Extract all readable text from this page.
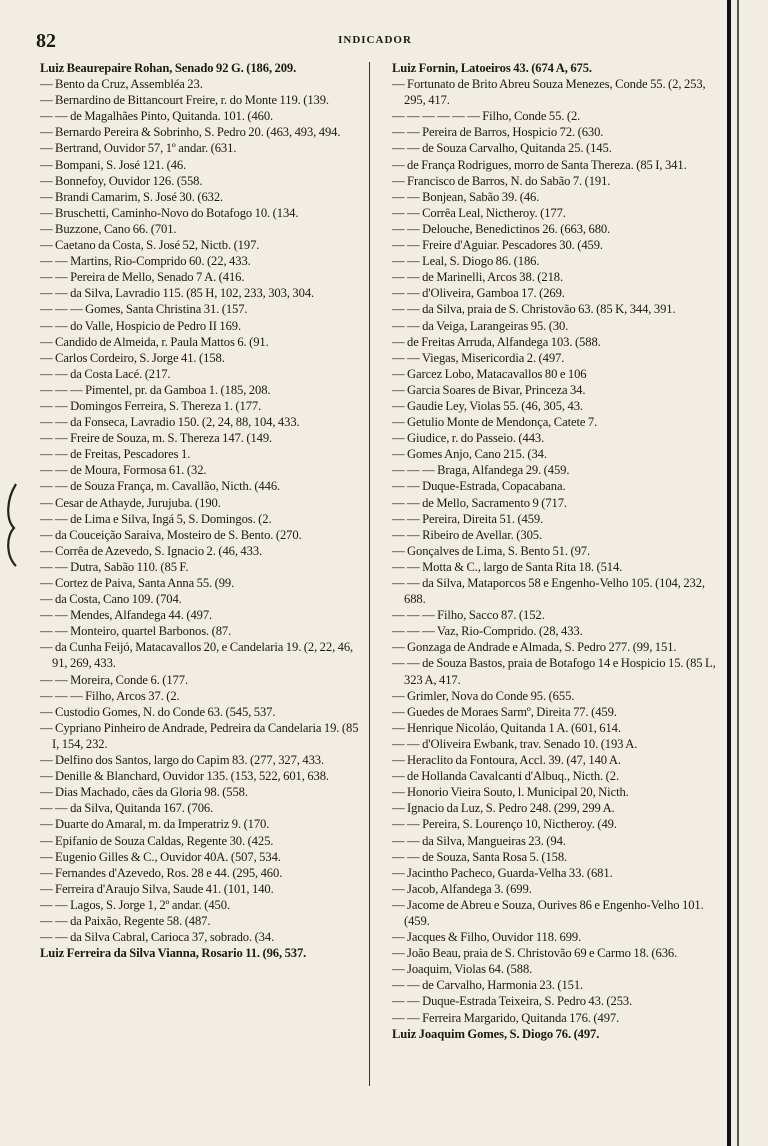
82	INDICADOR
Luiz Beaurepaire Rohan, Senado 92 G. (186, 209.
— Bento da Cruz, Assembléa 23.
— Bernardino de Bittancourt Freire, r. do Monte 119. (139.
— — de Magalhães Pinto, Quitanda. 101. (460.
— Bernardo Pereira & Sobrinho, S. Pedro 20. (463, 493, 494.
— Bertrand, Ouvidor 57, 1º andar. (631.
— Bompani, S. José 121. (46.
— Bonnefoy, Ouvidor 126. (558.
— Brandi Camarim, S. José 30. (632.
— Bruschetti, Caminho-Novo do Botafogo 10. (134.
— Buzzone, Cano 66. (701.
— Caetano da Costa, S. José 52, Nictb. (197.
— — Martins, Rio-Comprido 60. (22, 433.
— — Pereira de Mello, Senado 7 A. (416.
— — da Silva, Lavradio 115. (85 H, 102, 233, 303, 304.
— — — Gomes, Santa Christina 31. (157.
— — do Valle, Hospicio de Pedro II 169.
— Candido de Almeida, r. Paula Mattos 6. (91.
— Carlos Cordeiro, S. Jorge 41. (158.
— — da Costa Lacé. (217.
— — — Pimentel, pr. da Gamboa 1. (185, 208.
— — Domingos Ferreira, S. Thereza 1. (177.
— — da Fonseca, Lavradio 150. (2, 24, 88, 104, 433.
— — Freire de Souza, m. S. Thereza 147. (149.
— — de Freitas, Pescadores 1.
— — de Moura, Formosa 61. (32.
— — de Souza França, m. Cavallão, Nicth. (446.
— Cesar de Athayde, Jurujuba. (190.
— — de Lima e Silva, Ingá 5, S. Domingos. (2.
— da Couceição Saraiva, Mosteiro de S. Bento. (270.
— Corrêa de Azevedo, S. Ignacio 2. (46, 433.
— — Dutra, Sabão 110. (85 F.
— Cortez de Paiva, Santa Anna 55. (99.
— da Costa, Cano 109. (704.
— — Mendes, Alfandega 44. (497.
— — Monteiro, quartel Barbonos. (87.
— da Cunha Feijó, Matacavallos 20, e Candelaria 19. (2, 22, 46, 91, 269, 433.
— — Moreira, Conde 6. (177.
— — — Filho, Arcos 37. (2.
— Custodio Gomes, N. do Conde 63. (545, 537.
— Cypriano Pinheiro de Andrade, Pedreira da Candelaria 19. (85 I, 154, 232.
— Delfino dos Santos, largo do Capim 83. (277, 327, 433.
— Denille & Blanchard, Ouvidor 135. (153, 522, 601, 638.
— Dias Machado, cães da Gloria 98. (558.
— — da Silva, Quitanda 167. (706.
— Duarte do Amaral, m. da Imperatriz 9. (170.
— Epifanio de Souza Caldas, Regente 30. (425.
— Eugenio Gilles & C., Ouvidor 40A. (507, 534.
— Fernandes d'Azevedo, Ros. 28 e 44. (295, 460.
— Ferreira d'Araujo Silva, Saude 41. (101, 140.
— — Lagos, S. Jorge 1, 2º andar. (450.
— — da Paixão, Regente 58. (487.
— — da Silva Cabral, Carioca 37, sobrado. (34.
Luiz Ferreira da Silva Vianna, Rosario 11. (96, 537.
Luiz Fornin, Latoeiros 43. (674 A, 675.
— Fortunato de Brito Abreu Souza Menezes, Conde 55. (2, 253, 295, 417.
— — — — — — Filho, Conde 55. (2.
— — Pereira de Barros, Hospicio 72. (630.
— — de Souza Carvalho, Quitanda 25. (145.
— de França Rodrigues, morro de Santa Thereza. (85 I, 341.
— Francisco de Barros, N. do Sabão 7. (191.
— — Bonjean, Sabão 39. (46.
— — Corrêa Leal, Nictheroy. (177.
— — Delouche, Benedictinos 26. (663, 680.
— — Freire d'Aguiar. Pescadores 30. (459.
— — Leal, S. Diogo 86. (186.
— — de Marinelli, Arcos 38. (218.
— — d'Oliveira, Gamboa 17. (269.
— — da Silva, praia de S. Christovão 63. (85 K, 344, 391.
— — da Veiga, Larangeiras 95. (30.
— de Freitas Arruda, Alfandega 103. (588.
— — Viegas, Misericordia 2. (497.
— Garcez Lobo, Matacavallos 80 e 106
— Garcia Soares de Bivar, Princeza 34.
— Gaudie Ley, Violas 55. (46, 305, 43.
— Getulio Monte de Mendonça, Catete 7.
— Giudice, r. do Passeio. (443.
— Gomes Anjo, Cano 215. (34.
— — — Braga, Alfandega 29. (459.
— — Duque-Estrada, Copacabana.
— — de Mello, Sacramento 9 (717.
— — Pereira, Direita 51. (459.
— — Ribeiro de Avellar. (305.
— Gonçalves de Lima, S. Bento 51. (97.
— — Motta & C., largo de Santa Rita 18. (514.
— — da Silva, Mataporcos 58 e Engenho-Velho 105. (104, 232, 688.
— — — Filho, Sacco 87. (152.
— — — Vaz, Rio-Comprido. (28, 433.
— Gonzaga de Andrade e Almada, S. Pedro 277. (99, 151.
— — de Souza Bastos, praia de Botafogo 14 e Hospicio 15. (85 L, 323 A, 417.
— Grimler, Nova do Conde 95. (655.
— Guedes de Moraes Sarmº, Direita 77. (459.
— Henrique Nicoláo, Quitanda 1 A. (601, 614.
— — d'Oliveira Ewbank, trav. Senado 10. (193 A.
— Heraclito da Fontoura, Accl. 39. (47, 140 A.
— de Hollanda Cavalcanti d'Albuq., Nicth. (2.
— Honorio Vieira Souto, l. Municipal 20, Nicth.
— Ignacio da Luz, S. Pedro 248. (299, 299 A.
— — Pereira, S. Lourenço 10, Nictheroy. (49.
— — da Silva, Mangueiras 23. (94.
— — de Souza, Santa Rosa 5. (158.
— Jacintho Pacheco, Guarda-Velha 33. (681.
— Jacob, Alfandega 3. (699.
— Jacome de Abreu e Souza, Ourives 86 e Engenho-Velho 101. (459.
— Jacques & Filho, Ouvidor 118. 699.
— João Beau, praia de S. Christovão 69 e Carmo 18. (636.
— Joaquim, Violas 64. (588.
— — de Carvalho, Harmonia 23. (151.
— — Duque-Estrada Teixeira, S. Pedro 43. (253.
— — Ferreira Margarido, Quitanda 176. (497.
Luiz Joaquim Gomes, S. Diogo 76. (497.
